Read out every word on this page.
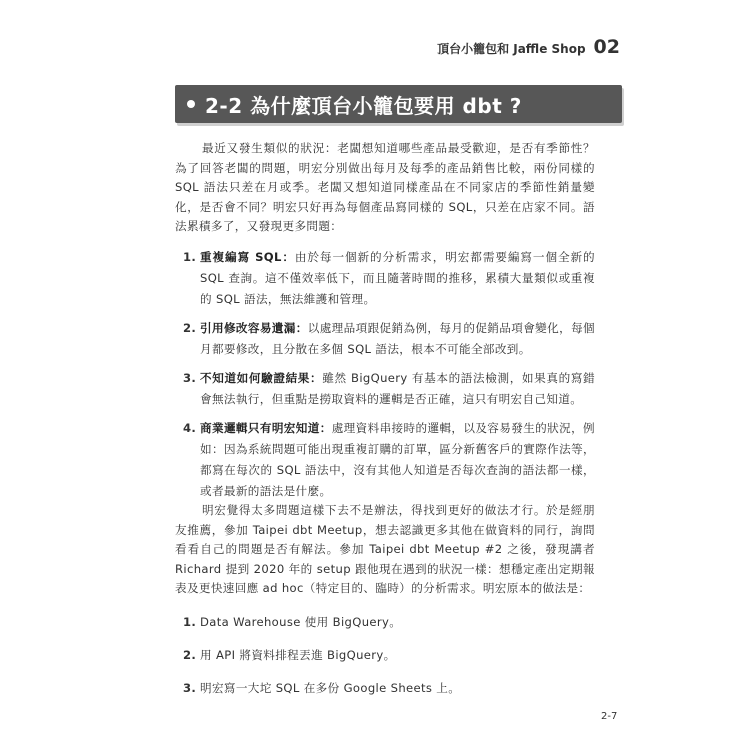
頂台小籠包和 Jaffle Shop 02
2-2 為什麼頂台小籠包要用 dbt ?

最近又發生類似的狀況：老闆想知道哪些產品最受歡迎，是否有季節性？為了回答老闆的問題，明宏分別做出每月及每季的產品銷售比較，兩份同樣的 SQL 語法只差在月或季。老闆又想知道同樣產品在不同家店的季節性銷量變化，是否會不同？明宏只好再為每個產品寫同樣的 SQL，只差在店家不同。語法累積多了，又發現更多問題：

1. 重複編寫 SQL：由於每一個新的分析需求，明宏都需要編寫一個全新的 SQL 查詢。這不僅效率低下，而且隨著時間的推移，累積大量類似或重複的 SQL 語法，無法維護和管理。
2. 引用修改容易遺漏：以處理品項跟促銷為例，每月的促銷品項會變化，每個月都要修改，且分散在多個 SQL 語法，根本不可能全部改到。
3. 不知道如何驗證結果：雖然 BigQuery 有基本的語法檢測，如果真的寫錯會無法執行，但重點是撈取資料的邏輯是否正確，這只有明宏自己知道。
4. 商業邏輯只有明宏知道：處理資料串接時的邏輯，以及容易發生的狀況，例如：因為系統問題可能出現重複訂購的訂單，區分新舊客戶的實際作法等，都寫在每次的 SQL 語法中，沒有其他人知道是否每次查詢的語法都一樣，或者最新的語法是什麼。

明宏覺得太多問題這樣下去不是辦法，得找到更好的做法才行。於是經朋友推薦，參加 Taipei dbt Meetup，想去認識更多其他在做資料的同行，詢問看看自己的問題是否有解法。參加 Taipei dbt Meetup #2 之後，發現講者 Richard 提到 2020 年的 setup 跟他現在遇到的狀況一樣：想穩定產出定期報表及更快速回應 ad hoc（特定目的、臨時）的分析需求。明宏原本的做法是：

1. Data Warehouse 使用 BigQuery。
2. 用 API 將資料排程丟進 BigQuery。
3. 明宏寫一大坨 SQL 在多份 Google Sheets 上。
2-7
